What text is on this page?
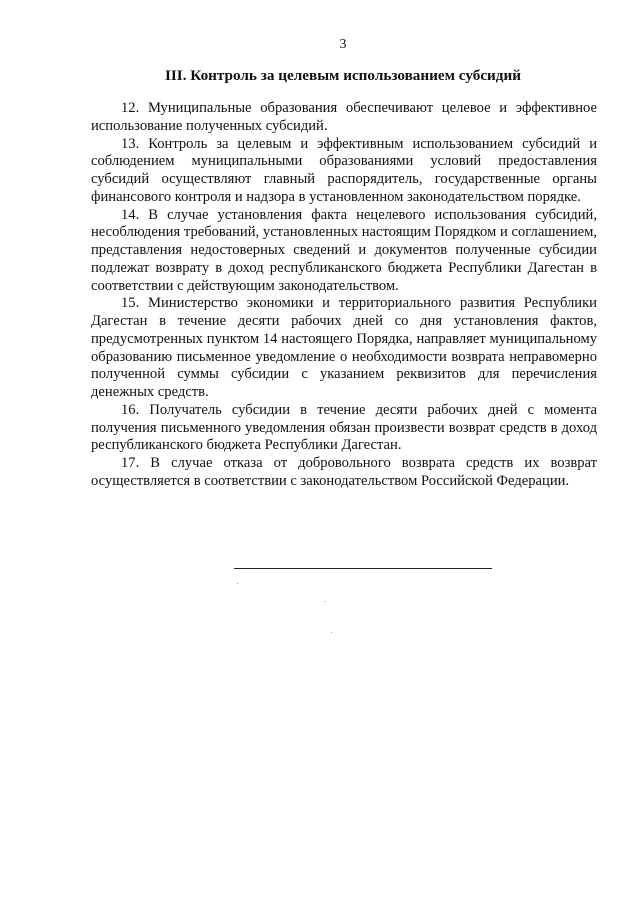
3
III. Контроль за целевым использованием субсидий

12. Муниципальные образования обеспечивают целевое и эффективное использование полученных субсидий.

13. Контроль за целевым и эффективным использованием субсидий и соблюдением муниципальными образованиями условий предоставления субсидий осуществляют главный распорядитель, государственные органы финансового контроля и надзора в установленном законодательством порядке.

14. В случае установления факта нецелевого использования субсидий, несоблюдения требований, установленных настоящим Порядком и соглашением, представления недостоверных сведений и документов полученные субсидии подлежат возврату в доход республиканского бюджета Республики Дагестан в соответствии с действующим законодательством.

15. Министерство экономики и территориального развития Республики Дагестан в течение десяти рабочих дней со дня установления фактов, предусмотренных пунктом 14 настоящего Порядка, направляет муниципальному образованию письменное уведомление о необходимости возврата неправомерно полученной суммы субсидии с указанием реквизитов для перечисления денежных средств.

16. Получатель субсидии в течение десяти рабочих дней с момента получения письменного уведомления обязан произвести возврат средств в доход республиканского бюджета Республики Дагестан.

17. В случае отказа от добровольного возврата средств их возврат осуществляется в соответствии с законодательством Российской Федерации.
